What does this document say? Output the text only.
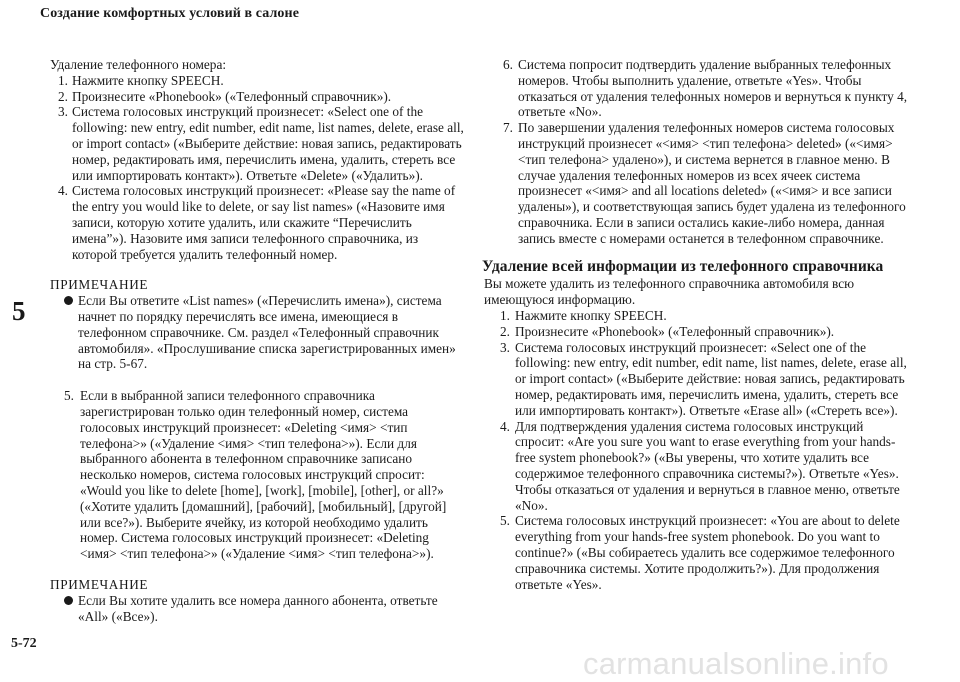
Создание комфортных условий в салоне
5
5-72
carmanualsonline.info

Удаление телефонного номера:

1. Нажмите кнопку SPEECH.
2. Произнесите «Phonebook» («Телефонный справочник»).
3. Система голосовых инструкций произнесет: «Select one of the following: new entry, edit number, edit name, list names, delete, erase all, or import contact» («Выберите действие: новая запись, редактировать номер, редактировать имя, перечислить имена, удалить, стереть все или импортировать контакт»). Ответьте «Delete» («Удалить»).
4. Система голосовых инструкций произнесет: «Please say the name of the entry you would like to delete, or say list names» («Назовите имя записи, которую хотите удалить, или скажите “Перечислить имена”»). Назовите имя записи телефонного справочника, из которой требуется удалить телефонный номер.

ПРИМЕЧАНИЕ

Если Вы ответите «List names» («Перечислить имена»), система начнет по порядку перечислять все имена, имеющиеся в телефонном справочнике. См. раздел «Телефонный справочник автомобиля». «Прослушивание списка зарегистрированных имен» на стр. 5-67.
5. Если в выбранной записи телефонного справочника зарегистрирован только один телефонный номер, система голосовых инструкций произнесет: «Deleting <имя> <тип телефона>» («Удаление <имя> <тип телефона>»). Если для выбранного абонента в телефонном справочнике записано несколько номеров, система голосовых инструкций спросит: «Would you like to delete [home], [work], [mobile], [other], or all?» («Хотите удалить [домашний], [рабочий], [мобильный], [другой] или все?»). Выберите ячейку, из которой необходимо удалить номер. Система голосовых инструкций произнесет: «Deleting <имя> <тип телефона>» («Удаление <имя> <тип телефона>»).

ПРИМЕЧАНИЕ

Если Вы хотите удалить все номера данного абонента, ответьте «All» («Все»).
6. Система попросит подтвердить удаление выбранных телефонных номеров. Чтобы выполнить удаление, ответьте «Yes». Чтобы отказаться от удаления телефонных номеров и вернуться к пункту 4, ответьте «No».
7. По завершении удаления телефонных номеров система голосовых инструкций произнесет «<имя> <тип телефона> deleted» («<имя> <тип телефона> удалено»), и система вернется в главное меню. В случае удаления телефонных номеров из всех ячеек система произнесет «<имя> and all locations deleted» («<имя> и все записи удалены»), и соответствующая запись будет удалена из телефонного справочника. Если в записи остались какие-либо номера, данная запись вместе с номерами останется в телефонном справочнике.

Удаление всей информации из телефонного справочника

Вы можете удалить из телефонного справочника автомобиля всю имеющуюся информацию.

1. Нажмите кнопку SPEECH.
2. Произнесите «Phonebook» («Телефонный справочник»).
3. Система голосовых инструкций произнесет: «Select one of the following: new entry, edit number, edit name, list names, delete, erase all, or import contact» («Выберите действие: новая запись, редактировать номер, редактировать имя, перечислить имена, удалить, стереть все или импортировать контакт»). Ответьте «Erase all» («Стереть все»).
4. Для подтверждения удаления система голосовых инструкций спросит: «Are you sure you want to erase everything from your hands-free system phonebook?» («Вы уверены, что хотите удалить все содержимое телефонного справочника системы?»). Ответьте «Yes». Чтобы отказаться от удаления и вернуться в главное меню, ответьте «No».
5. Система голосовых инструкций произнесет: «You are about to delete everything from your hands-free system phonebook. Do you want to continue?» («Вы собираетесь удалить все содержимое телефонного справочника системы. Хотите продолжить?»). Для продолжения ответьте «Yes».
